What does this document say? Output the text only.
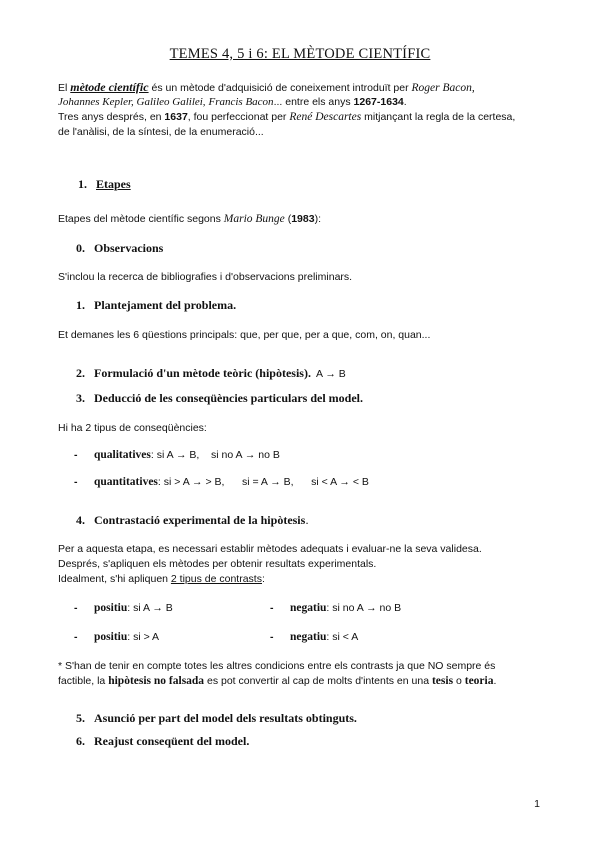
TEMES 4, 5 i 6: EL MÈTODE CIENTÍFIC
El mètode científic és un mètode d'adquisició de coneixement introduït per Roger Bacon,
Johannes Kepler, Galileo Galilei, Francis Bacon... entre els anys 1267-1634.
Tres anys després, en 1637, fou perfeccionat per René Descartes mitjançant la regla de la certesa,
de l'anàlisi, de la síntesi, de la enumeració...
1. Etapes
Etapes del mètode científic segons Mario Bunge (1983):
0. Observacions
S'inclou la recerca de bibliografies i d'observacions preliminars.
1. Plantejament del problema.
Et demanes les 6 qüestions principals: que, per que, per a que, com, on, quan...
2. Formulació d'un mètode teòric (hipòtesis). A → B
3. Deducció de les conseqüències particulars del model.
Hi ha 2 tipus de conseqüències:
- qualitatives: si A → B,    si no A → no B
- quantitatives: si > A → > B,      si = A → B,      si < A → < B
4. Contrastació experimental de la hipòtesis.
Per a aquesta etapa, es necessari establir mètodes adequats i evaluar-ne la seva validesa.
Després, s'apliquen els mètodes per obtenir resultats experimentals.
Idealment, s'hi apliquen 2 tipus de contrasts:
- positiu: si A → B	- negatiu: si no A → no B
- positiu: si > A	- negatiu: si < A
* S'han de tenir en compte totes les altres condicions entre els contrasts ja que NO sempre és
factible, la hipòtesis no falsada es pot convertir al cap de molts d'intents en una tesis o teoria.
5. Asunció per part del model dels resultats obtinguts.
6. Reajust conseqüent del model.
1
